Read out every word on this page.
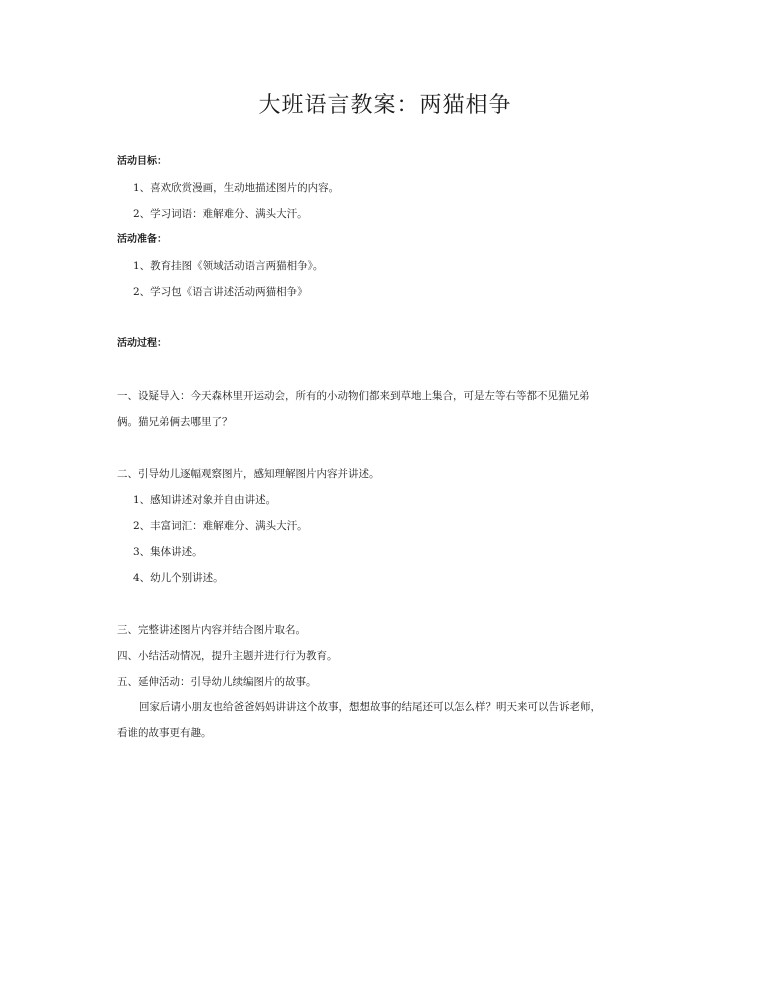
大班语言教案：两猫相争
活动目标：
1、喜欢欣赏漫画，生动地描述图片的内容。
2、学习词语：难解难分、满头大汗。
活动准备：
1、教育挂图《领域活动语言两猫相争》。
2、学习包《语言讲述活动两猫相争》
活动过程：
一、设疑导入：今天森林里开运动会，所有的小动物们都来到草地上集合，可是左等右等都不见猫兄弟
俩。猫兄弟俩去哪里了？
二、引导幼儿逐幅观察图片，感知理解图片内容并讲述。
1、感知讲述对象并自由讲述。
2、丰富词汇：难解难分、满头大汗。
3、集体讲述。
4、幼儿个别讲述。
三、完整讲述图片内容并结合图片取名。
四、小结活动情况，提升主题并进行行为教育。
五、延伸活动：引导幼儿续编图片的故事。
回家后请小朋友也给爸爸妈妈讲讲这个故事，想想故事的结尾还可以怎么样？明天来可以告诉老师，
看谁的故事更有趣。
